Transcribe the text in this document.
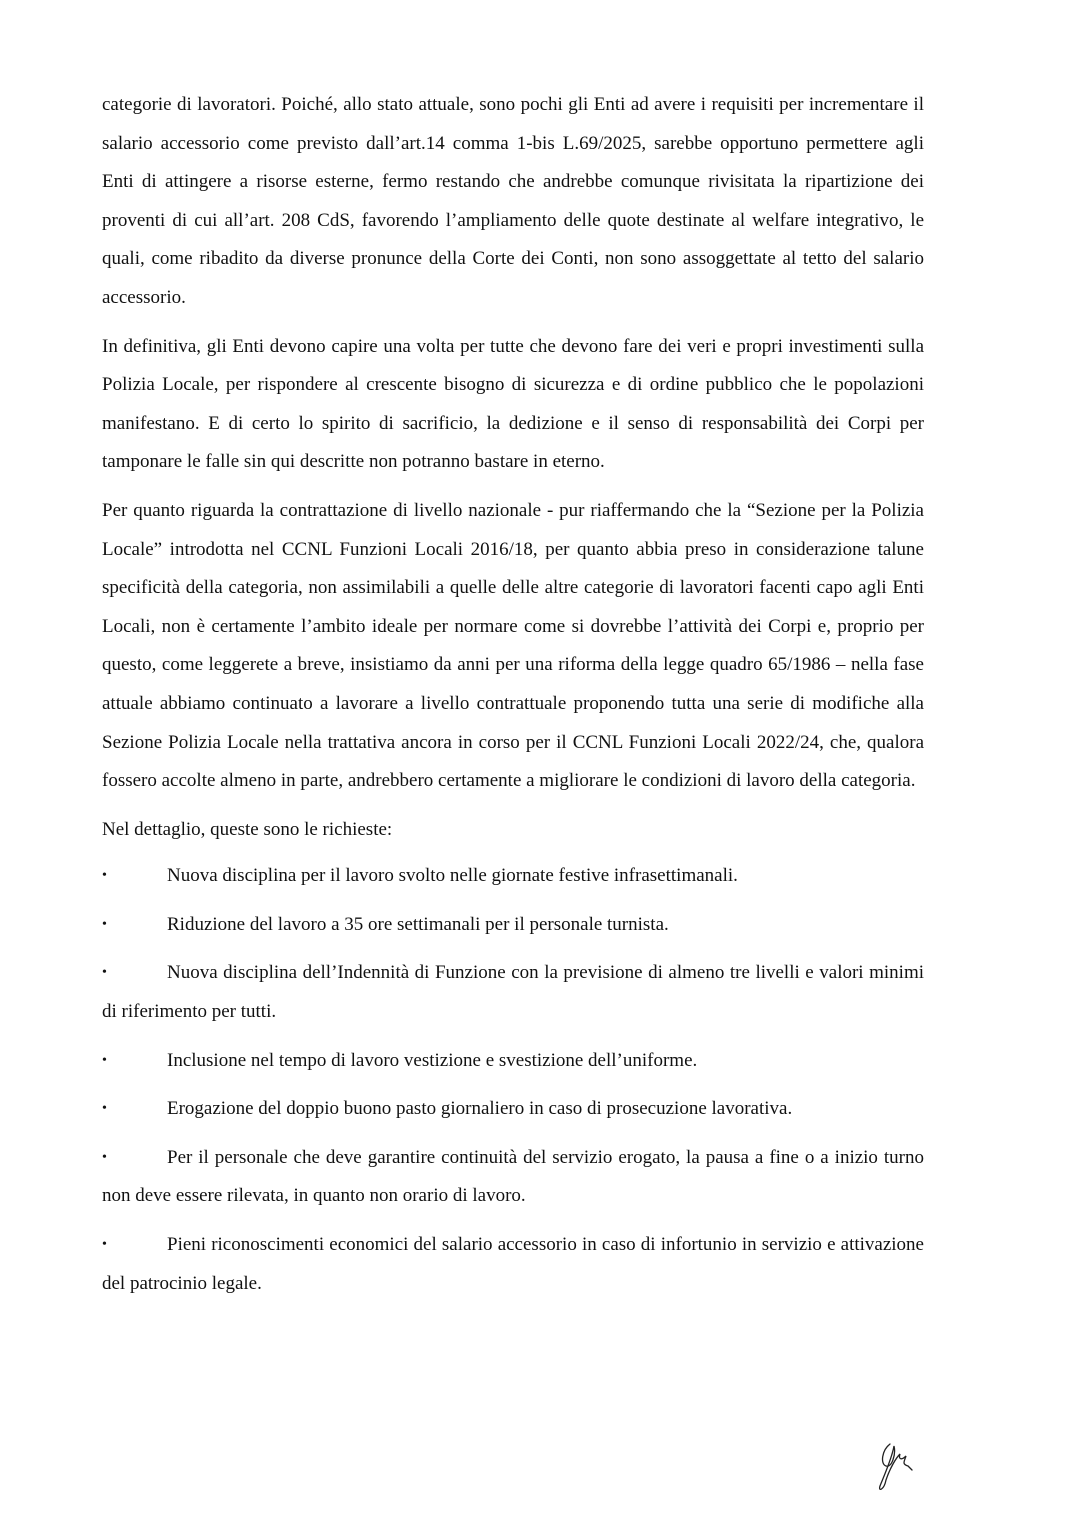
categorie di lavoratori. Poiché, allo stato attuale, sono pochi gli Enti ad avere i requisiti per incrementare il salario accessorio come previsto dall’art.14 comma 1-bis L.69/2025, sarebbe opportuno permettere agli Enti di attingere a risorse esterne, fermo restando che andrebbe comunque rivisitata la ripartizione dei proventi di cui all’art. 208 CdS, favorendo l’ampliamento delle quote destinate al welfare integrativo, le quali, come ribadito da diverse pronunce della Corte dei Conti, non sono assoggettate al tetto del salario accessorio.

In definitiva, gli Enti devono capire una volta per tutte che devono fare dei veri e propri investimenti sulla Polizia Locale, per rispondere al crescente bisogno di sicurezza e di ordine pubblico che le popolazioni manifestano. E di certo lo spirito di sacrificio, la dedizione e il senso di responsabilità dei Corpi per tamponare le falle sin qui descritte non potranno bastare in eterno.

Per quanto riguarda la contrattazione di livello nazionale - pur riaffermando che la “Sezione per la Polizia Locale” introdotta nel CCNL Funzioni Locali 2016/18, per quanto abbia preso in considerazione talune specificità della categoria, non assimilabili a quelle delle altre categorie di lavoratori facenti capo agli Enti Locali, non è certamente l’ambito ideale per normare come si dovrebbe l’attività dei Corpi e, proprio per questo, come leggerete a breve, insistiamo da anni per una riforma della legge quadro 65/1986 – nella fase attuale abbiamo continuato a lavorare a livello contrattuale proponendo tutta una serie di modifiche alla Sezione Polizia Locale nella trattativa ancora in corso per il CCNL Funzioni Locali 2022/24, che, qualora fossero accolte almeno in parte, andrebbero certamente a migliorare le condizioni di lavoro della categoria.

Nel dettaglio, queste sono le richieste:

•	Nuova disciplina per il lavoro svolto nelle giornate festive infrasettimanali.

•	Riduzione del lavoro a 35 ore settimanali per il personale turnista.

•	Nuova disciplina dell’Indennità di Funzione con la previsione di almeno tre livelli e valori minimi di riferimento per tutti.

•	Inclusione nel tempo di lavoro vestizione e svestizione dell’uniforme.

•	Erogazione del doppio buono pasto giornaliero in caso di prosecuzione lavorativa.

•	Per il personale che deve garantire continuità del servizio erogato, la pausa a fine o a inizio turno non deve essere rilevata, in quanto non orario di lavoro.

•	Pieni riconoscimenti economici del salario accessorio in caso di infortunio in servizio e attivazione del patrocinio legale.
